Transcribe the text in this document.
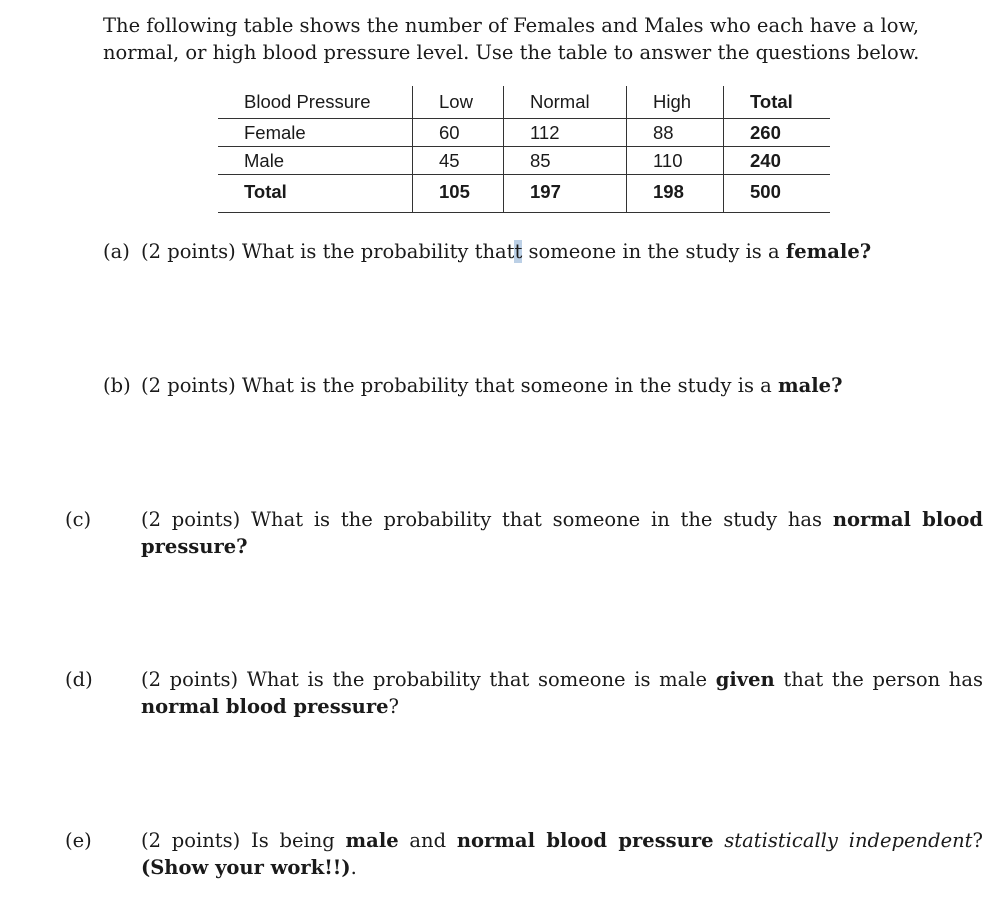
The following table shows the number of Females and Males who each have a low, normal, or high blood pressure level. Use the table to answer the questions below.

Blood Pressure	Low	Normal	High	Total
Female	60	112	88	260
Male	45	85	110	240
Total	105	197	198	500

(a) (2 points) What is the probability thatt someone in the study is a female?

(b) (2 points) What is the probability that someone in the study is a male?

(c)	(2 points) What is the probability that someone in the study has normal blood pressure?

(d) (2 points) What is the probability that someone is male given that the person has normal blood pressure?

(e)	(2 points) Is being male and normal blood pressure statistically independent? (Show your work!!).
